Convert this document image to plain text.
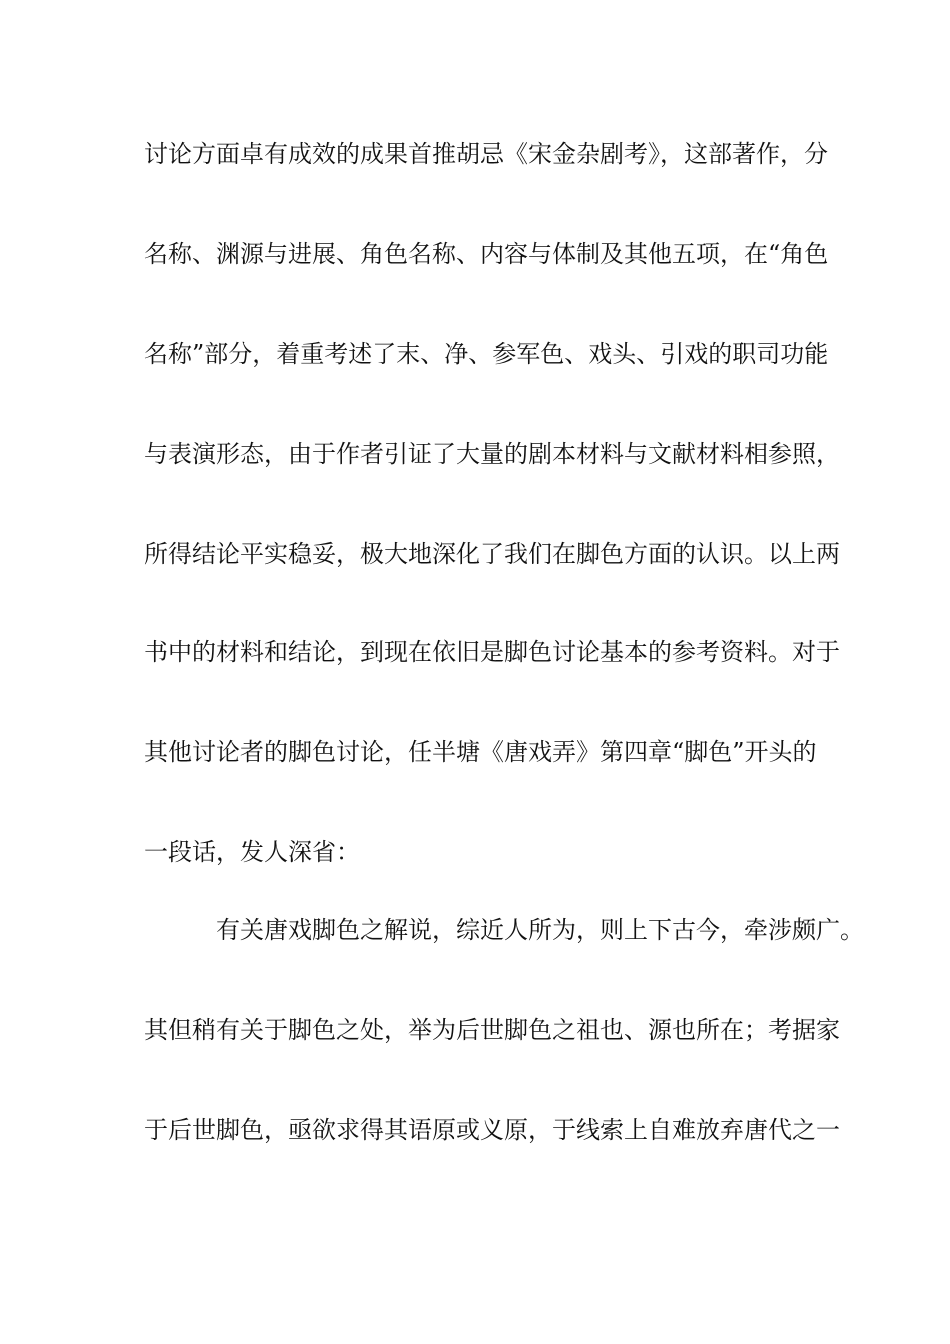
讨论方面卓有成效的成果首推胡忌《宋金杂剧考》，这部著作，分
名称、渊源与进展、角色名称、内容与体制及其他五项，在“角色
名称”部分，着重考述了末、净、参军色、戏头、引戏的职司功能
与表演形态，由于作者引证了大量的剧本材料与文献材料相参照，
所得结论平实稳妥，极大地深化了我们在脚色方面的认识。以上两
书中的材料和结论，到现在依旧是脚色讨论基本的参考资料。对于
其他讨论者的脚色讨论，任半塘《唐戏弄》第四章“脚色”开头的
一段话，发人深省：
有关唐戏脚色之解说，综近人所为，则上下古今，牵涉颇广。
其但稍有关于脚色之处，举为后世脚色之祖也、源也所在；考据家
于后世脚色，亟欲求得其语原或义原，于线索上自难放弃唐代之一
